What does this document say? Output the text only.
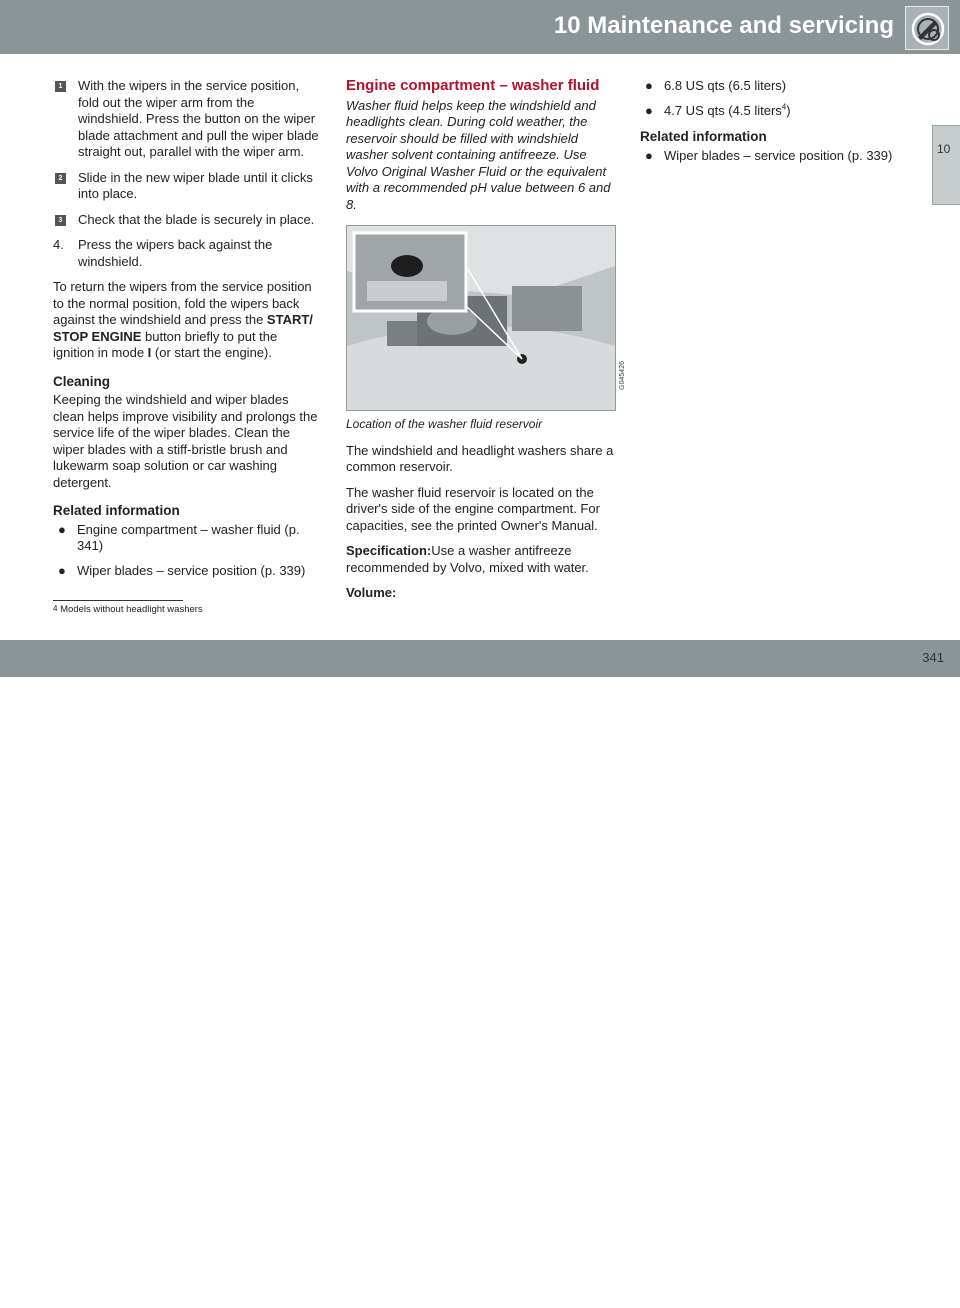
10 Maintenance and servicing
10
1 With the wipers in the service position, fold out the wiper arm from the windshield. Press the button on the wiper blade attachment and pull the wiper blade straight out, parallel with the wiper arm.
2 Slide in the new wiper blade until it clicks into place.
3 Check that the blade is securely in place.
4. Press the wipers back against the windshield.

To return the wipers from the service position to the normal position, fold the wipers back against the windshield and press the START/ STOP ENGINE button briefly to put the ignition in mode I (or start the engine).

Cleaning

Keeping the windshield and wiper blades clean helps improve visibility and prolongs the service life of the wiper blades. Clean the wiper blades with a stiff-bristle brush and lukewarm soap solution or car washing detergent.

Related information
● Engine compartment – washer fluid (p. 341)
● Wiper blades – service position (p. 339)
Engine compartment – washer fluid

Washer fluid helps keep the windshield and headlights clean. During cold weather, the reservoir should be filled with windshield washer solvent containing antifreeze. Use Volvo Original Washer Fluid or the equivalent with a recommended pH value between 6 and 8.

G045426
Location of the washer fluid reservoir

The windshield and headlight washers share a common reservoir.

The washer fluid reservoir is located on the driver's side of the engine compartment. For capacities, see the printed Owner's Manual.

Specification:Use a washer antifreeze recommended by Volvo, mixed with water.

Volume:

● 6.8 US qts (6.5 liters)
● 4.7 US qts (4.5 liters$^4$)
Related information
● Wiper blades – service position (p. 339)
$^4$ Models without headlight washers
carmanualsonline.info
341
